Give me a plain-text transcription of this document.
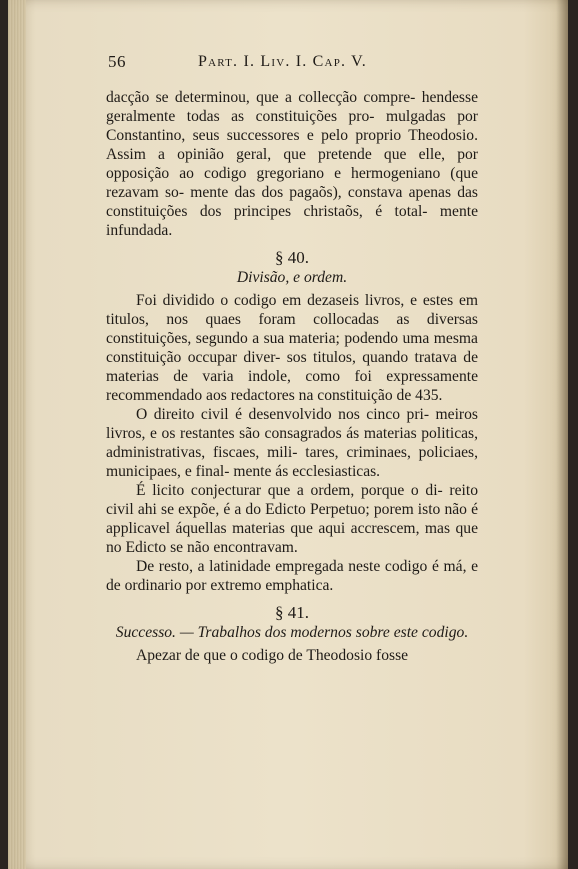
56	Part. I. Liv. I. Cap. V.

dacção se determinou, que a collecção compre- hendesse geralmente todas as constituições pro- mulgadas por Constantino, seus successores e pelo proprio Theodosio. Assim a opinião geral, que pretende que elle, por opposição ao codigo gregoriano e hermogeniano (que rezavam so- mente das dos pagaõs), constava apenas das constituições dos principes christaõs, é total- mente infundada.

§ 40.
Divisão, e ordem.

Foi dividido o codigo em dezaseis livros, e estes em titulos, nos quaes foram collocadas as diversas constituições, segundo a sua materia; podendo uma mesma constituição occupar diver- sos titulos, quando tratava de materias de varia indole, como foi expressamente recommendado aos redactores na constituição de 435.

O direito civil é desenvolvido nos cinco pri- meiros livros, e os restantes são consagrados ás materias politicas, administrativas, fiscaes, mili- tares, criminaes, policiaes, municipaes, e final- mente ás ecclesiasticas.

É licito conjecturar que a ordem, porque o di- reito civil ahi se expõe, é a do Edicto Perpetuo; porem isto não é applicavel áquellas materias que aqui accrescem, mas que no Edicto se não encontravam.

De resto, a latinidade empregada neste codigo é má, e de ordinario por extremo emphatica.

§ 41.
Successo. — Trabalhos dos modernos sobre este codigo.

Apezar de que o codigo de Theodosio fosse
